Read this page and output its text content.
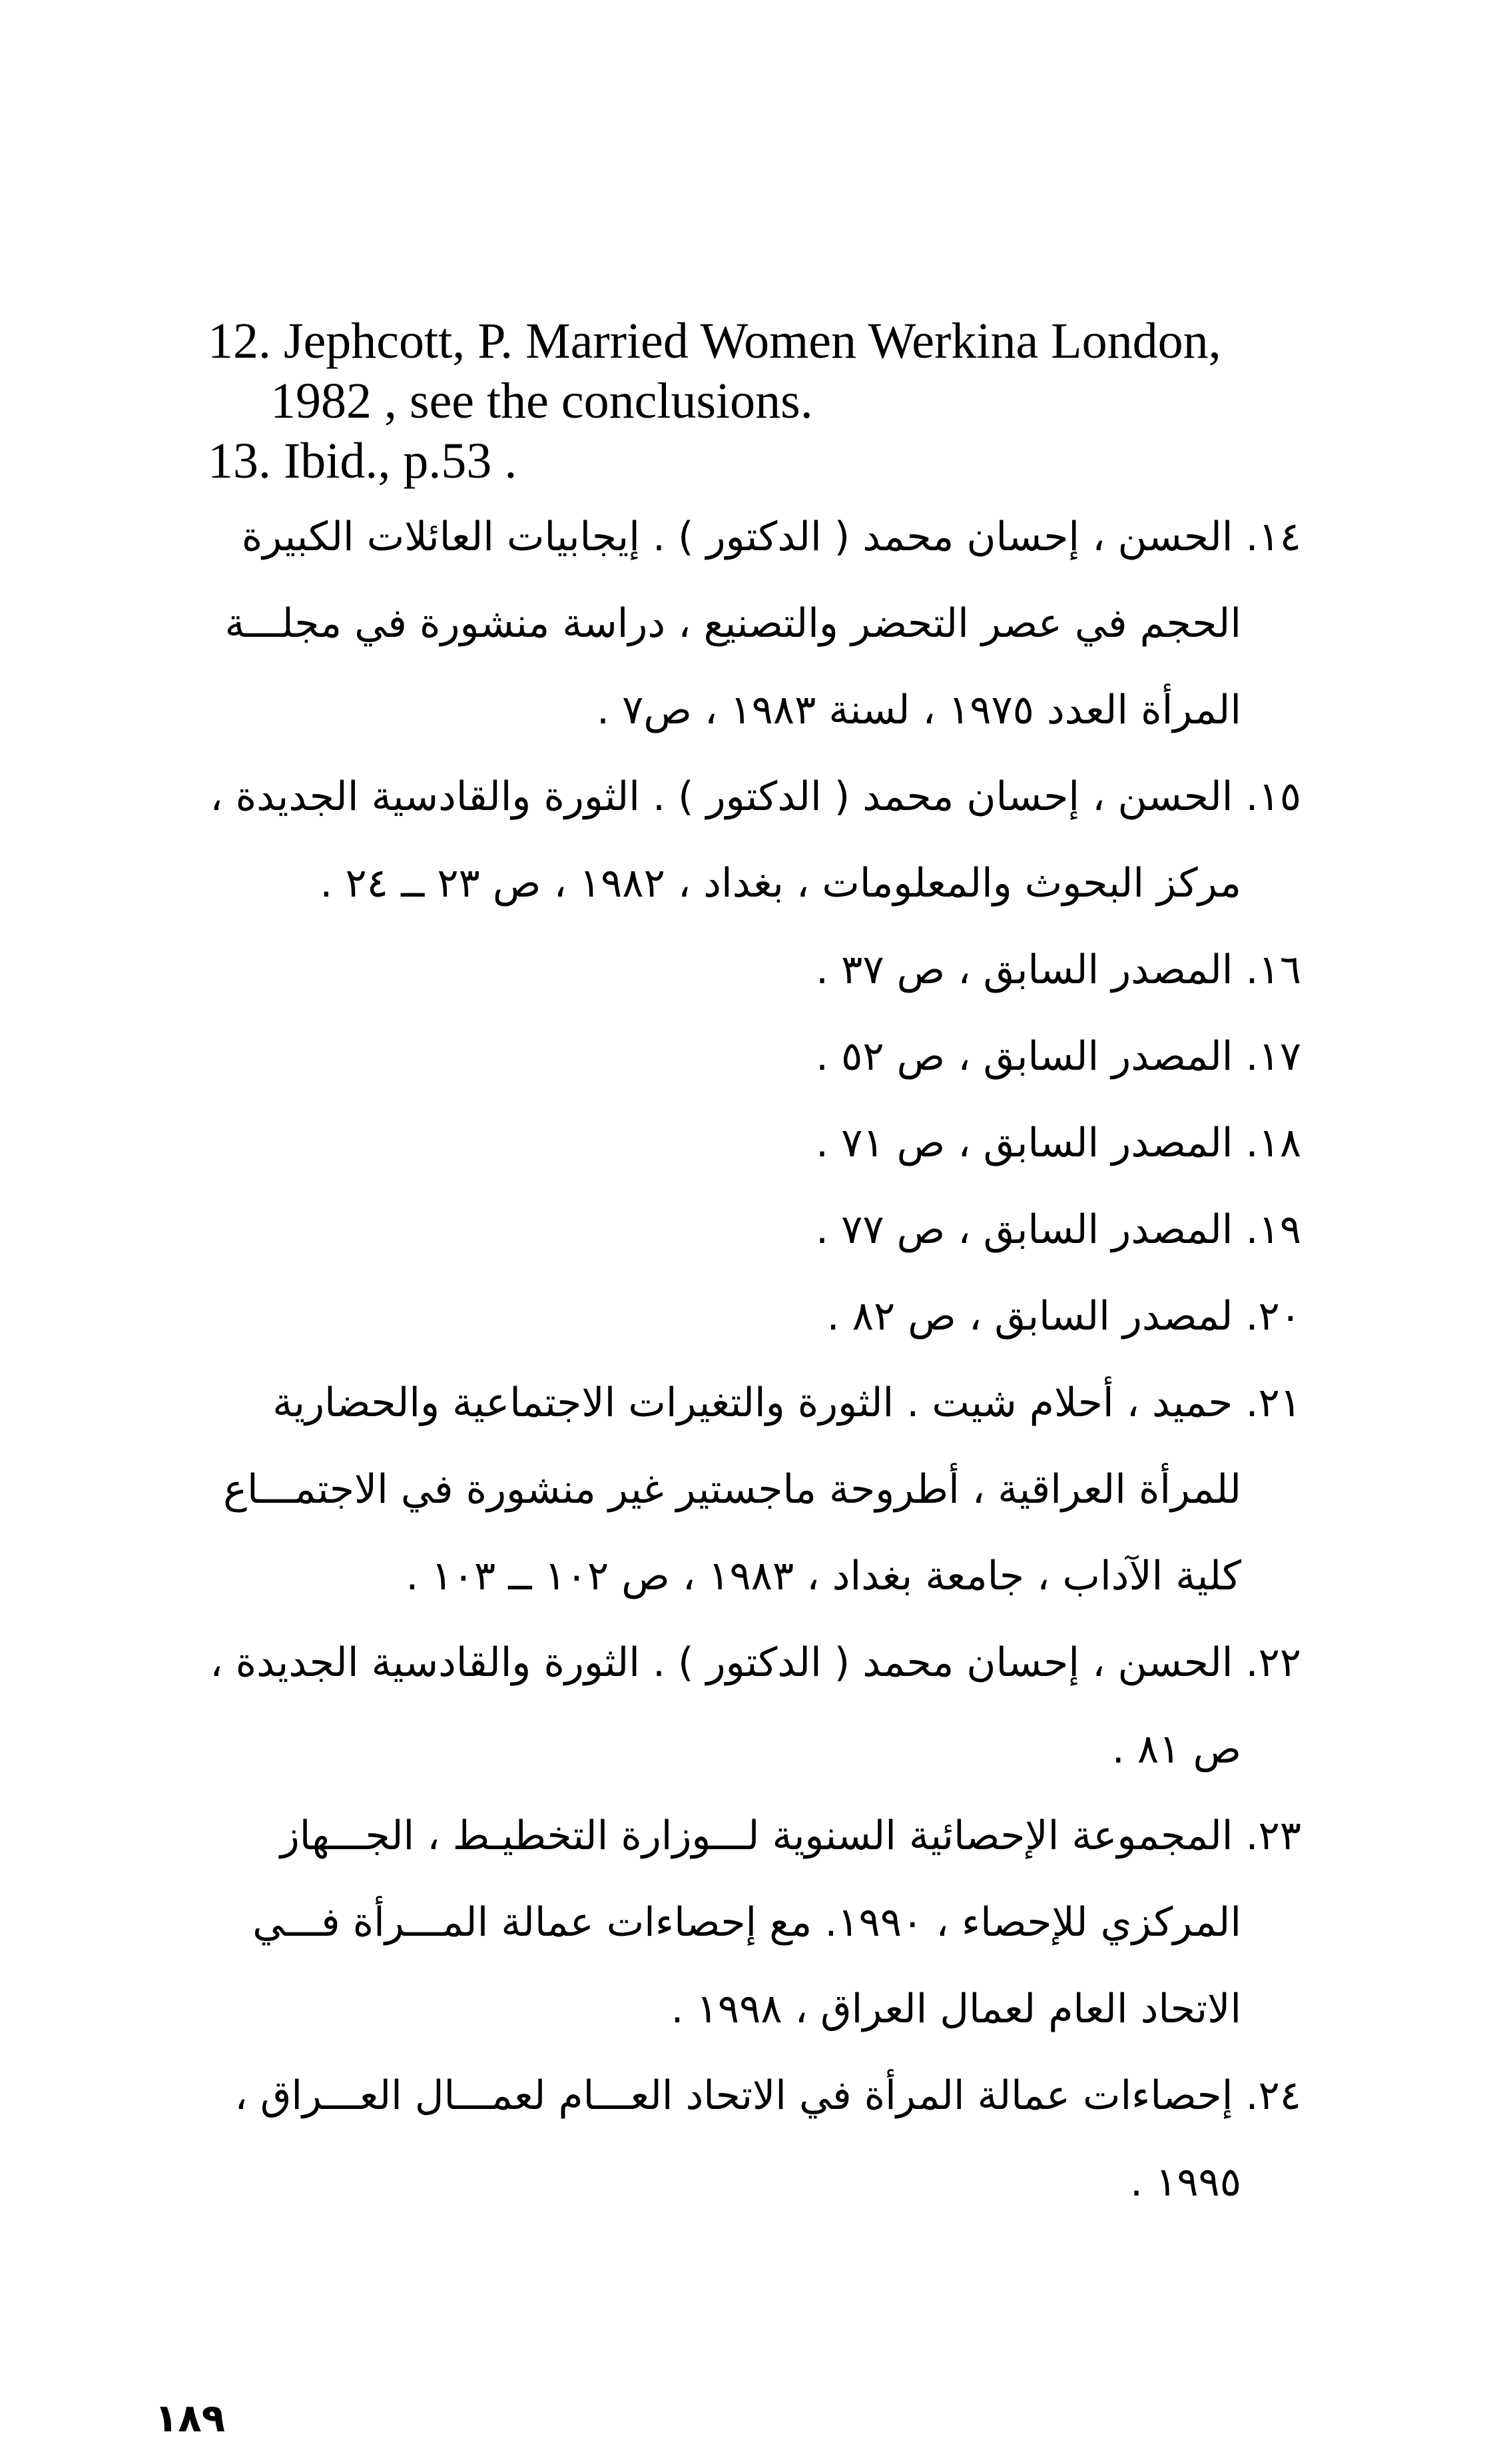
12. Jephcott, P. Married Women Werkina London,
1982 , see the conclusions.
13. Ibid., p.53 .
١٤. الحسن ، إحسان محمد ( الدكتور ) . إيجابيات العائلات الكبيرة
الحجم في عصر التحضر والتصنيع ، دراسة منشورة في مجلـــة
المرأة العدد ١٩٧٥ ، لسنة ١٩٨٣ ، ص٧ .
١٥. الحسن ، إحسان محمد ( الدكتور ) . الثورة والقادسية الجديدة ،
مركز البحوث والمعلومات ، بغداد ، ١٩٨٢ ، ص ٢٣ ــ ٢٤ .
١٦. المصدر السابق ، ص ٣٧ .
١٧. المصدر السابق ، ص ٥٢ .
١٨. المصدر السابق ، ص ٧١ .
١٩. المصدر السابق ، ص ٧٧ .
٢٠. لمصدر السابق ، ص ٨٢ .
٢١. حميد ، أحلام شيت . الثورة والتغيرات الاجتماعية والحضارية
للمرأة العراقية ، أطروحة ماجستير غير منشورة في الاجتمـــاع
كلية الآداب ، جامعة بغداد ، ١٩٨٣ ، ص ١٠٢ ــ ١٠٣ .
٢٢. الحسن ، إحسان محمد ( الدكتور ) . الثورة والقادسية الجديدة ،
ص ٨١ .
٢٣. المجموعة الإحصائية السنوية لـــوزارة التخطيـط ، الجـــهاز
المركزي للإحصاء ، ١٩٩٠. مع إحصاءات عمالة المـــرأة فـــي
الاتحاد العام لعمال العراق ، ١٩٩٨ .
٢٤. إحصاءات عمالة المرأة في الاتحاد العـــام لعمـــال العـــراق ،
١٩٩٥ .
١٨٩
